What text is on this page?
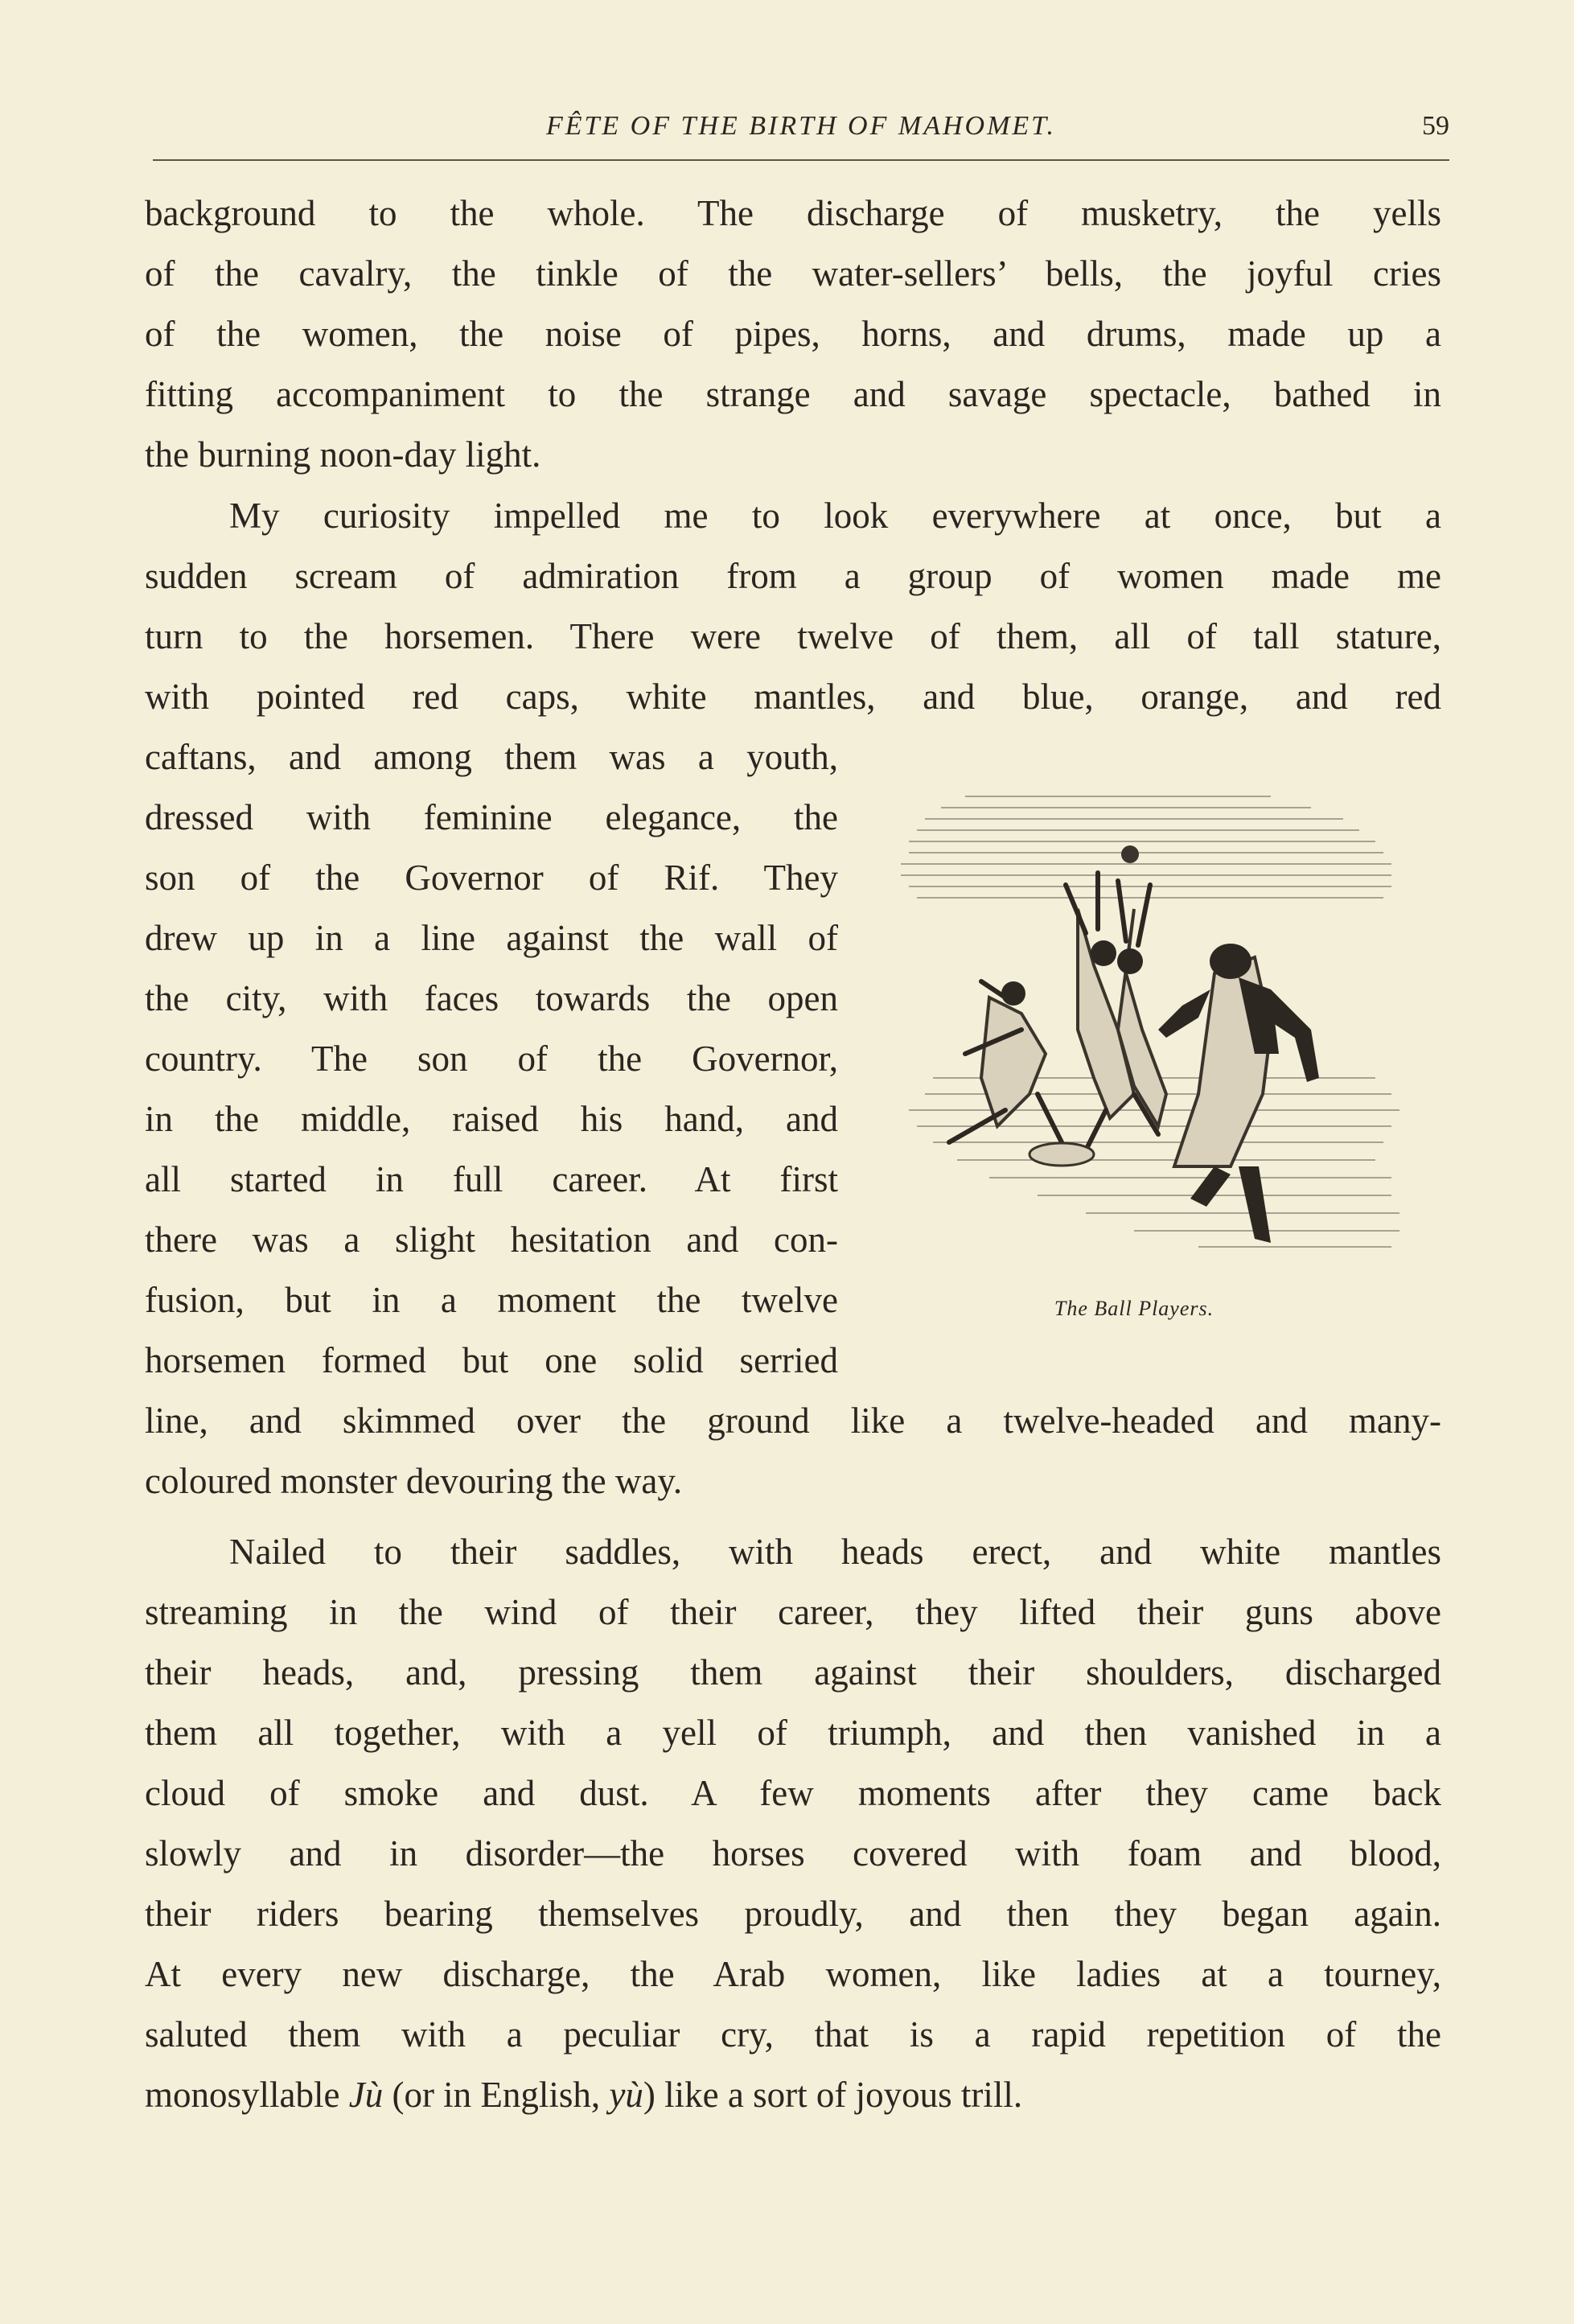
FÊTE OF THE BIRTH OF MAHOMET.	59
background to the whole. The discharge of musketry, the yells
of the cavalry, the tinkle of the water-sellers’ bells, the joyful cries
of the women, the noise of pipes, horns, and drums, made up a
fitting accompaniment to the strange and savage spectacle, bathed in
the burning noon-day light.
My curiosity impelled me to look everywhere at once, but a
sudden scream of admiration from a group of women made me
turn to the horsemen. There were twelve of them, all of tall stature,
with pointed red caps, white mantles, and blue, orange, and red
caftans, and among them was a youth,
dressed with feminine elegance, the
son of the Governor of Rif. They
drew up in a line against the wall of
the city, with faces towards the open
country. The son of the Governor,
in the middle, raised his hand, and
all started in full career. At first
there was a slight hesitation and con-
fusion, but in a moment the twelve
horsemen formed but one solid serried
line, and skimmed over the ground like a twelve-headed and many-
coloured monster devouring the way.
The Ball Players.
Nailed to their saddles, with heads erect, and white mantles
streaming in the wind of their career, they lifted their guns above
their heads, and, pressing them against their shoulders, discharged
them all together, with a yell of triumph, and then vanished in a
cloud of smoke and dust. A few moments after they came back
slowly and in disorder—the horses covered with foam and blood,
their riders bearing themselves proudly, and then they began again.
At every new discharge, the Arab women, like ladies at a tourney,
saluted them with a peculiar cry, that is a rapid repetition of the
monosyllable Jù (or in English, yù) like a sort of joyous trill.
